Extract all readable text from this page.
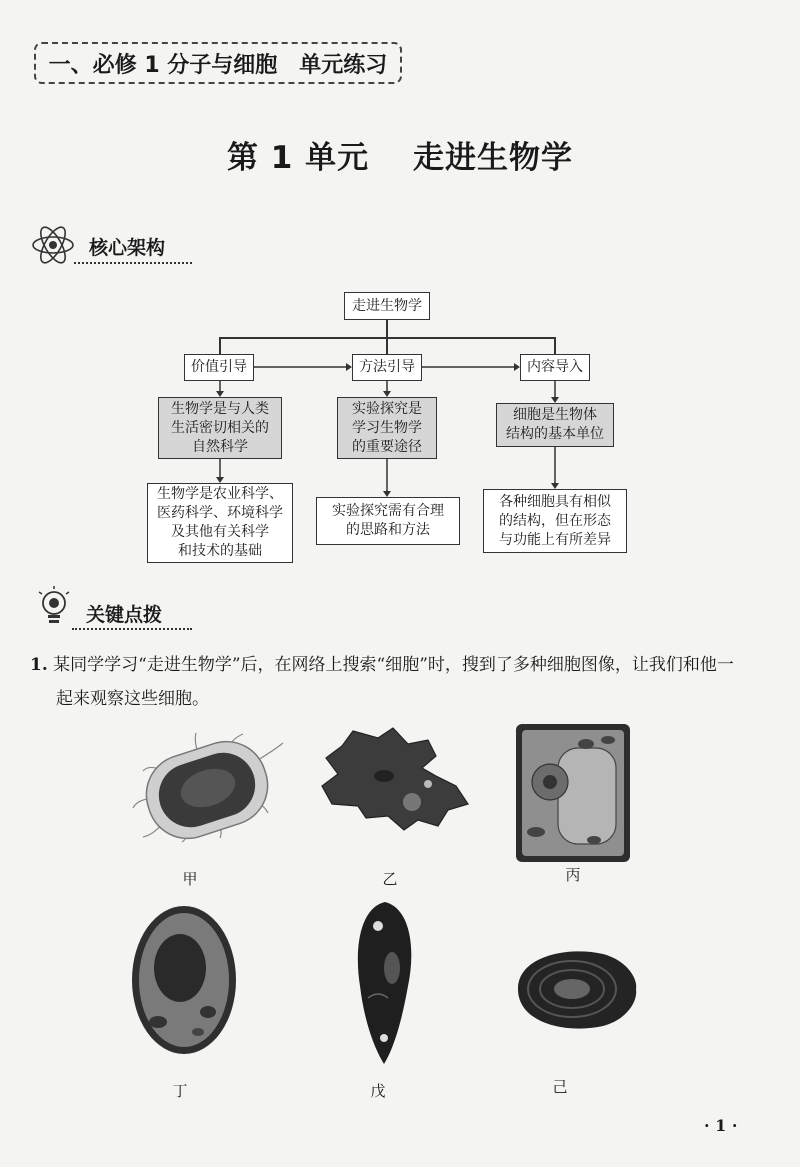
一、必修 1 分子与细胞　单元练习
第 1 单元　 走进生物学
核心架构
走进生物学
价值引导	方法引导	内容导入
生物学是与人类
生活密切相关的
自然科学
实验探究是
学习生物学
的重要途径
细胞是生物体
结构的基本单位
生物学是农业科学、
医药科学、环境科学
及其他有关科学
和技术的基础
实验探究需有合理
的思路和方法
各种细胞具有相似
的结构，但在形态
与功能上有所差异
关键点拨
1. 某同学学习“走进生物学”后，在网络上搜索“细胞”时，搜到了多种细胞图像，让我们和他一
起来观察这些细胞。
甲	乙	丙
丁	戊	己
· 1 ·
